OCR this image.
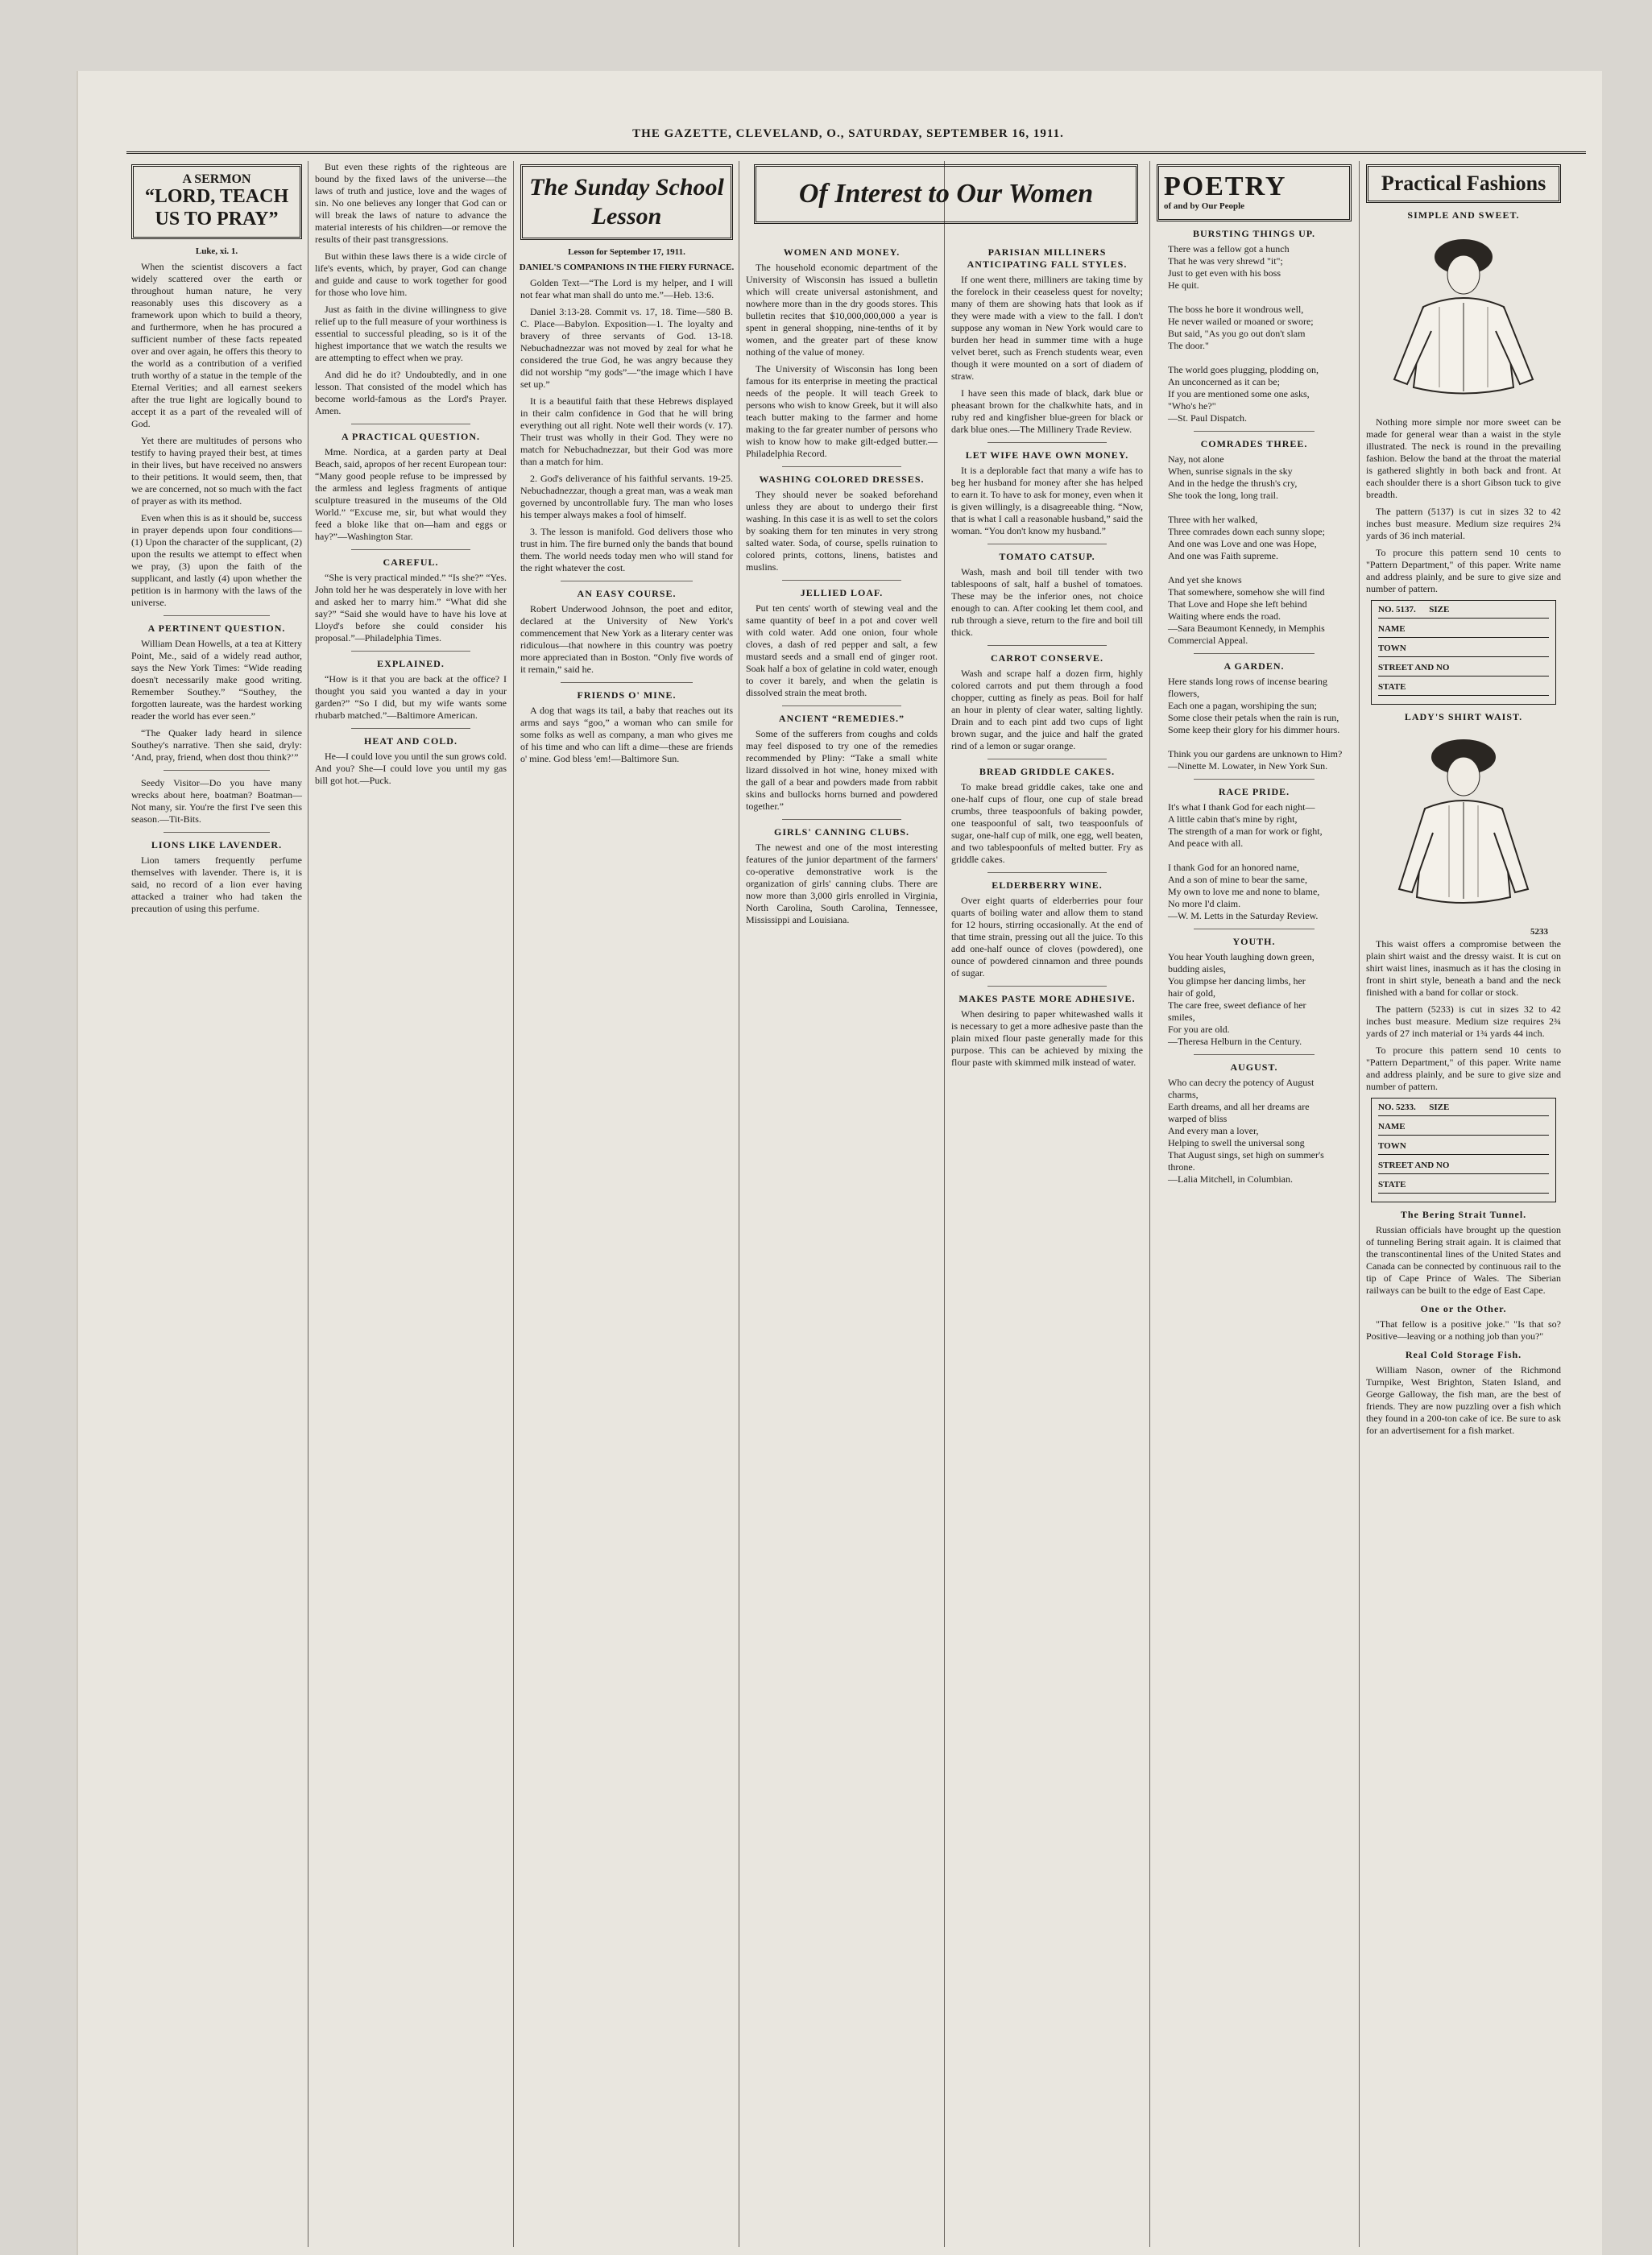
THE GAZETTE, CLEVELAND, O., SATURDAY, SEPTEMBER 16, 1911.
A SERMON
“LORD, TEACH US TO PRAY”
Luke, xi. 1.
When the scientist discovers a fact widely scattered over the earth or throughout human nature, he very reasonably uses this discovery as a framework upon which to build a theory, and furthermore, when he has procured a sufficient number of these facts repeated over and over again, he offers this theory to the world as a contribution of a verified truth worthy of a statue in the temple of the Eternal Verities; and all earnest seekers after the true light are logically bound to accept it as a part of the revealed will of God.
Yet there are multitudes of persons who testify to having prayed their best, at times in their lives, but have received no answers to their petitions. It would seem, then, that we are concerned, not so much with the fact of prayer as with its method.
Even when this is as it should be, success in prayer depends upon four conditions—(1) Upon the character of the supplicant, (2) upon the results we attempt to effect when we pray, (3) upon the faith of the supplicant, and lastly (4) upon whether the petition is in harmony with the laws of the universe.
A PERTINENT QUESTION.
William Dean Howells, at a tea at Kittery Point, Me., said of a widely read author, says the New York Times: “Wide reading doesn't necessarily make good writing. Remember Southey.” “Southey, the forgotten laureate, was the hardest working reader the world has ever seen.”
“The Quaker lady heard in silence Southey's narrative. Then she said, dryly: ‘And, pray, friend, when dost thou think?’”
Seedy Visitor—Do you have many wrecks about here, boatman? Boatman—Not many, sir. You're the first I've seen this season.—Tit-Bits.
LIONS LIKE LAVENDER.
Lion tamers frequently perfume themselves with lavender. There is, it is said, no record of a lion ever having attacked a trainer who had taken the precaution of using this perfume.
But even these rights of the righteous are bound by the fixed laws of the universe—the laws of truth and justice, love and the wages of sin. No one believes any longer that God can or will break the laws of nature to advance the material interests of his children—or remove the results of their past transgressions.
But within these laws there is a wide circle of life's events, which, by prayer, God can change and guide and cause to work together for good for those who love him.
Just as faith in the divine willingness to give relief up to the full measure of your worthiness is essential to successful pleading, so is it of the highest importance that we watch the results we are attempting to effect when we pray.
And did he do it? Undoubtedly, and in one lesson. That consisted of the model which has become world-famous as the Lord's Prayer. Amen.
A PRACTICAL QUESTION.
Mme. Nordica, at a garden party at Deal Beach, said, apropos of her recent European tour: “Many good people refuse to be impressed by the armless and legless fragments of antique sculpture treasured in the museums of the Old World.” “Excuse me, sir, but what would they feed a bloke like that on—ham and eggs or hay?”—Washington Star.
CAREFUL.
“She is very practical minded.” “Is she?” “Yes. John told her he was desperately in love with her and asked her to marry him.” “What did she say?” “Said she would have to have his love at Lloyd's before she could consider his proposal.”—Philadelphia Times.
EXPLAINED.
“How is it that you are back at the office? I thought you said you wanted a day in your garden?” “So I did, but my wife wants some rhubarb matched.”—Baltimore American.
HEAT AND COLD.
He—I could love you until the sun grows cold. And you? She—I could love you until my gas bill got hot.—Puck.
The Sunday School Lesson
Lesson for September 17, 1911.
DANIEL'S COMPANIONS IN THE FIERY FURNACE.
Golden Text—“The Lord is my helper, and I will not fear what man shall do unto me.”—Heb. 13:6.
Daniel 3:13-28. Commit vs. 17, 18. Time—580 B. C. Place—Babylon. Exposition—1. The loyalty and bravery of three servants of God. 13-18. Nebuchadnezzar was not moved by zeal for what he considered the true God, he was angry because they did not worship “my gods”—“the image which I have set up.”
It is a beautiful faith that these Hebrews displayed in their calm confidence in God that he will bring everything out all right. Note well their words (v. 17). Their trust was wholly in their God. They were no match for Nebuchadnezzar, but their God was more than a match for him.
2. God's deliverance of his faithful servants. 19-25. Nebuchadnezzar, though a great man, was a weak man governed by uncontrollable fury. The man who loses his temper always makes a fool of himself.
3. The lesson is manifold. God delivers those who trust in him. The fire burned only the bands that bound them. The world needs today men who will stand for the right whatever the cost.
AN EASY COURSE.
Robert Underwood Johnson, the poet and editor, declared at the University of New York's commencement that New York as a literary center was ridiculous—that nowhere in this country was poetry more appreciated than in Boston. “Only five words of it remain,” said he.
FRIENDS O' MINE.
A dog that wags its tail, a baby that reaches out its arms and says “goo,” a woman who can smile for some folks as well as company, a man who gives me of his time and who can lift a dime—these are friends o' mine. God bless 'em!—Baltimore Sun.
Of Interest to Our Women
WOMEN AND MONEY.
The household economic department of the University of Wisconsin has issued a bulletin which will create universal astonishment, and nowhere more than in the dry goods stores. This bulletin recites that $10,000,000,000 a year is spent in general shopping, nine-tenths of it by women, and the greater part of these know nothing of the value of money.
The University of Wisconsin has long been famous for its enterprise in meeting the practical needs of the people. It will teach Greek to persons who wish to know Greek, but it will also teach butter making to the farmer and home making to the far greater number of persons who wish to know how to make gilt-edged butter.—Philadelphia Record.
WASHING COLORED DRESSES.
They should never be soaked beforehand unless they are about to undergo their first washing. In this case it is as well to set the colors by soaking them for ten minutes in very strong salted water. Soda, of course, spells ruination to colored prints, cottons, linens, batistes and muslins.
JELLIED LOAF.
Put ten cents' worth of stewing veal and the same quantity of beef in a pot and cover well with cold water. Add one onion, four whole cloves, a dash of red pepper and salt, a few mustard seeds and a small end of ginger root. Soak half a box of gelatine in cold water, enough to cover it barely, and when the gelatin is dissolved strain the meat broth.
ANCIENT “REMEDIES.”
Some of the sufferers from coughs and colds may feel disposed to try one of the remedies recommended by Pliny: “Take a small white lizard dissolved in hot wine, honey mixed with the gall of a bear and powders made from rabbit skins and bullocks horns burned and powdered together.”
GIRLS' CANNING CLUBS.
The newest and one of the most interesting features of the junior department of the farmers' co-operative demonstrative work is the organization of girls' canning clubs. There are now more than 3,000 girls enrolled in Virginia, North Carolina, South Carolina, Tennessee, Mississippi and Louisiana.
PARISIAN MILLINERS ANTICIPATING FALL STYLES.
If one went there, milliners are taking time by the forelock in their ceaseless quest for novelty; many of them are showing hats that look as if they were made with a view to the fall. I don't suppose any woman in New York would care to burden her head in summer time with a huge velvet beret, such as French students wear, even though it were mounted on a sort of diadem of straw.
I have seen this made of black, dark blue or pheasant brown for the chalkwhite hats, and in ruby red and kingfisher blue-green for black or dark blue ones.—The Millinery Trade Review.
LET WIFE HAVE OWN MONEY.
It is a deplorable fact that many a wife has to beg her husband for money after she has helped to earn it. To have to ask for money, even when it is given willingly, is a disagreeable thing. “Now, that is what I call a reasonable husband,” said the woman. “You don't know my husband.”
TOMATO CATSUP.
Wash, mash and boil till tender with two tablespoons of salt, half a bushel of tomatoes. These may be the inferior ones, not choice enough to can. After cooking let them cool, and rub through a sieve, return to the fire and boil till thick.
CARROT CONSERVE.
Wash and scrape half a dozen firm, highly colored carrots and put them through a food chopper, cutting as finely as peas. Boil for half an hour in plenty of clear water, salting lightly. Drain and to each pint add two cups of light brown sugar, and the juice and half the grated rind of a lemon or sugar orange.
BREAD GRIDDLE CAKES.
To make bread griddle cakes, take one and one-half cups of flour, one cup of stale bread crumbs, three teaspoonfuls of baking powder, one teaspoonful of salt, two teaspoonfuls of sugar, one-half cup of milk, one egg, well beaten, and two tablespoonfuls of melted butter. Fry as griddle cakes.
ELDERBERRY WINE.
Over eight quarts of elderberries pour four quarts of boiling water and allow them to stand for 12 hours, stirring occasionally. At the end of that time strain, pressing out all the juice. To this add one-half ounce of cloves (powdered), one ounce of powdered cinnamon and three pounds of sugar.
MAKES PASTE MORE ADHESIVE.
When desiring to paper whitewashed walls it is necessary to get a more adhesive paste than the plain mixed flour paste generally made for this purpose. This can be achieved by mixing the flour paste with skimmed milk instead of water.
POETRY
of and by Our People
BURSTING THINGS UP.
There was a fellow got a hunch
That he was very shrewd "it";
Just to get even with his boss
He quit.

The boss he bore it wondrous well,
He never wailed or moaned or swore;
But said, "As you go out don't slam
The door."

The world goes plugging, plodding on,
An unconcerned as it can be;
If you are mentioned some one asks,
"Who's he?"
—St. Paul Dispatch.
COMRADES THREE.
Nay, not alone
When, sunrise signals in the sky
And in the hedge the thrush's cry,
She took the long, long trail.

Three with her walked,
Three comrades down each sunny slope;
And one was Love and one was Hope,
And one was Faith supreme.

And yet she knows
That somewhere, somehow she will find
That Love and Hope she left behind
Waiting where ends the road.
—Sara Beaumont Kennedy, in Memphis Commercial Appeal.
A GARDEN.
Here stands long rows of incense bearing flowers,
Each one a pagan, worshiping the sun;
Some close their petals when the rain is run,
Some keep their glory for his dimmer hours.

Think you our gardens are unknown to Him?
—Ninette M. Lowater, in New York Sun.
RACE PRIDE.
It's what I thank God for each night—
A little cabin that's mine by right,
The strength of a man for work or fight,
And peace with all.

I thank God for an honored name,
And a son of mine to bear the same,
My own to love me and none to blame,
No more I'd claim.
—W. M. Letts in the Saturday Review.
YOUTH.
You hear Youth laughing down green,
budding aisles,
You glimpse her dancing limbs, her
hair of gold,
The care free, sweet defiance of her
smiles,
For you are old.
—Theresa Helburn in the Century.
AUGUST.
Who can decry the potency of August
charms,
Earth dreams, and all her dreams are
warped of bliss
And every man a lover,
Helping to swell the universal song
That August sings, set high on summer's
throne.
—Lalia Mitchell, in Columbian.
Practical Fashions
SIMPLE AND SWEET.
Nothing more simple nor more sweet can be made for general wear than a waist in the style illustrated. The neck is round in the prevailing fashion. Below the band at the throat the material is gathered slightly in both back and front. At each shoulder there is a short Gibson tuck to give breadth.
The pattern (5137) is cut in sizes 32 to 42 inches bust measure. Medium size requires 2¾ yards of 36 inch material.
To procure this pattern send 10 cents to "Pattern Department," of this paper. Write name and address plainly, and be sure to give size and number of pattern.
NO. 5137. SIZE
NAME
TOWN
STREET AND NO
STATE
LADY'S SHIRT WAIST.
5233
This waist offers a compromise between the plain shirt waist and the dressy waist. It is cut on shirt waist lines, inasmuch as it has the closing in front in shirt style, beneath a band and the neck finished with a band for collar or stock.
The pattern (5233) is cut in sizes 32 to 42 inches bust measure. Medium size requires 2¾ yards of 27 inch material or 1¾ yards 44 inch.
To procure this pattern send 10 cents to "Pattern Department," of this paper. Write name and address plainly, and be sure to give size and number of pattern.
NO. 5233. SIZE
NAME
TOWN
STREET AND NO
STATE
The Bering Strait Tunnel.
Russian officials have brought up the question of tunneling Bering strait again. It is claimed that the transcontinental lines of the United States and Canada can be connected by continuous rail to the tip of Cape Prince of Wales. The Siberian railways can be built to the edge of East Cape.
One or the Other.
"That fellow is a positive joke." "Is that so? Positive—leaving or a nothing job than you?"
Real Cold Storage Fish.
William Nason, owner of the Richmond Turnpike, West Brighton, Staten Island, and George Galloway, the fish man, are the best of friends. They are now puzzling over a fish which they found in a 200-ton cake of ice. Be sure to ask for an advertisement for a fish market.
